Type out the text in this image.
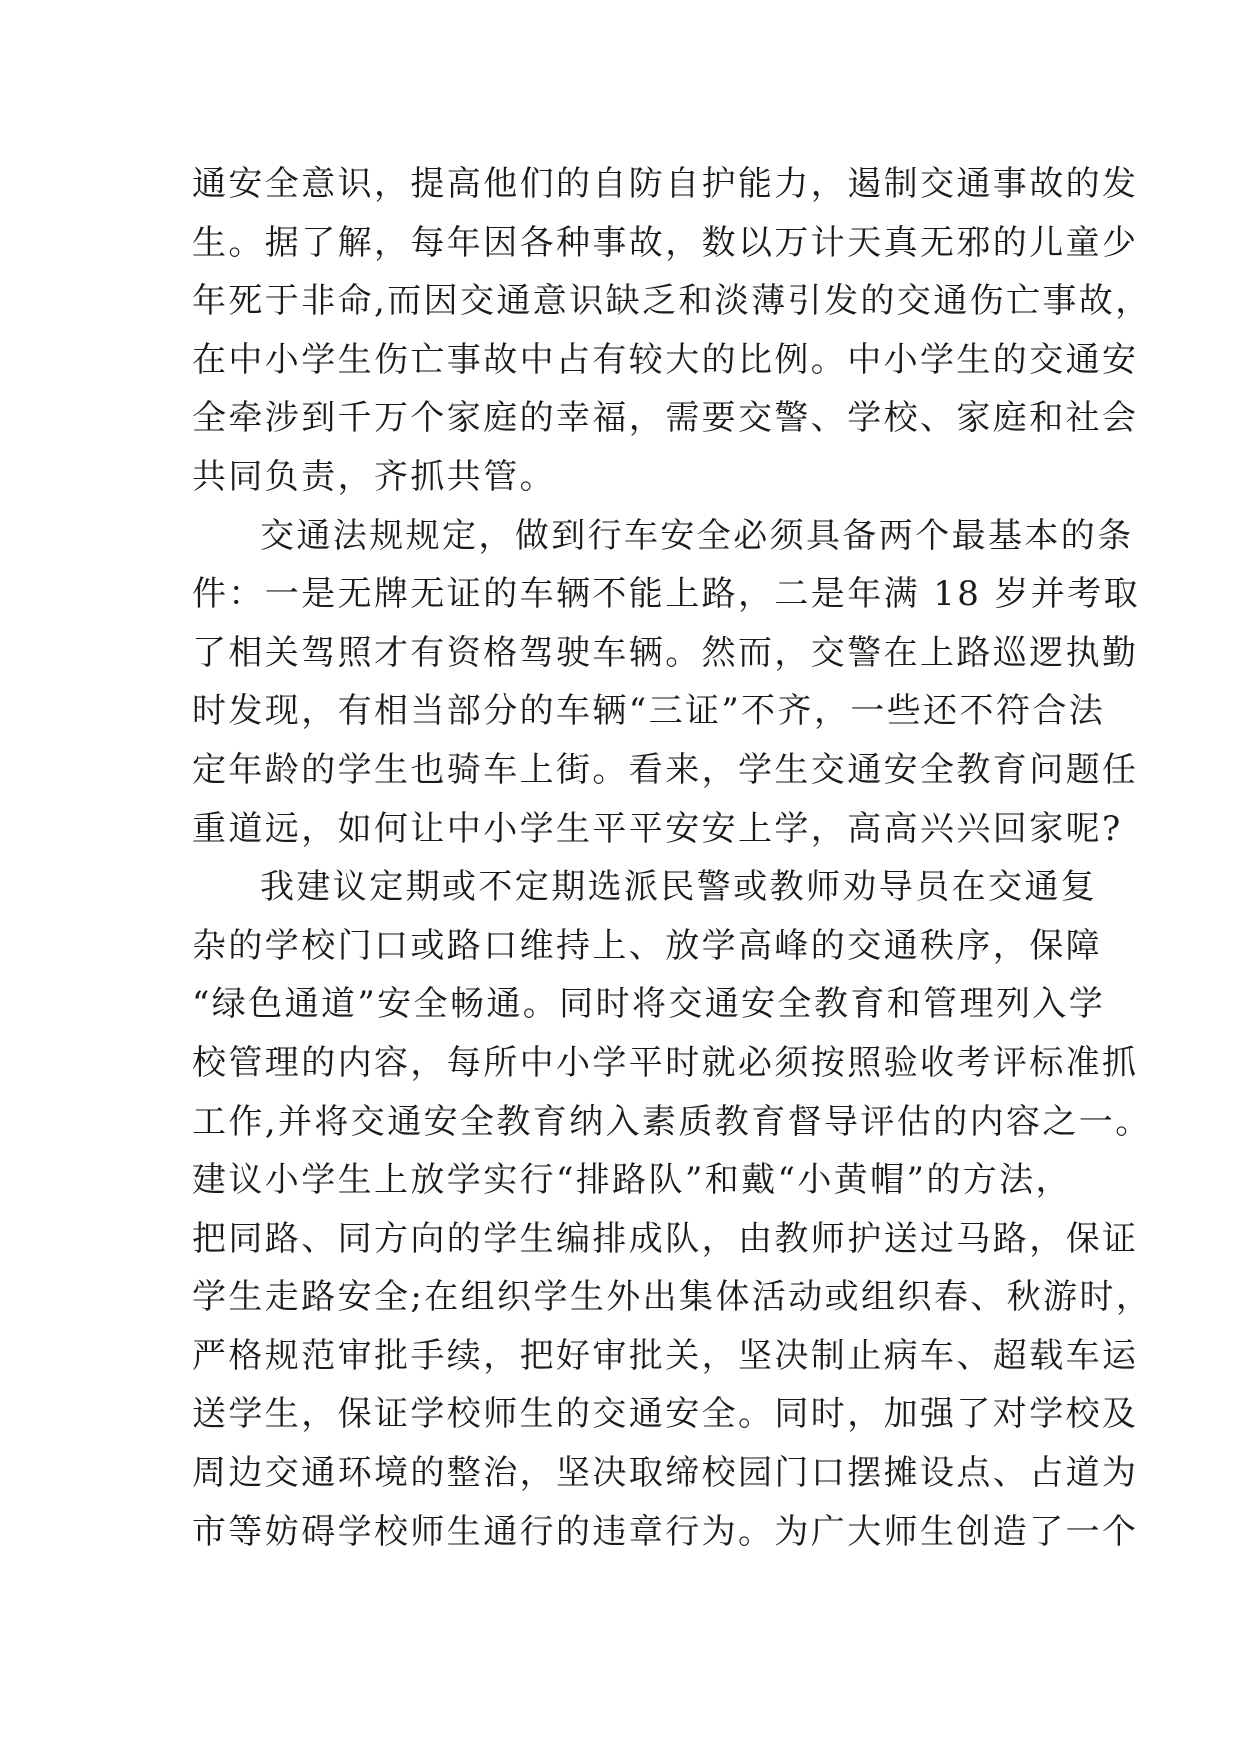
通安全意识，提高他们的自防自护能力，遏制交通事故的发
生。据了解，每年因各种事故，数以万计天真无邪的儿童少
年死于非命,而因交通意识缺乏和淡薄引发的交通伤亡事故，
在中小学生伤亡事故中占有较大的比例。中小学生的交通安
全牵涉到千万个家庭的幸福，需要交警、学校、家庭和社会
共同负责，齐抓共管。
交通法规规定，做到行车安全必须具备两个最基本的条
件：一是无牌无证的车辆不能上路，二是年满 18 岁并考取
了相关驾照才有资格驾驶车辆。然而，交警在上路巡逻执勤
时发现，有相当部分的车辆“三证”不齐，一些还不符合法
定年龄的学生也骑车上街。看来，学生交通安全教育问题任
重道远，如何让中小学生平平安安上学，高高兴兴回家呢?
我建议定期或不定期选派民警或教师劝导员在交通复
杂的学校门口或路口维持上、放学高峰的交通秩序，保障
“绿色通道”安全畅通。同时将交通安全教育和管理列入学
校管理的内容，每所中小学平时就必须按照验收考评标准抓
工作,并将交通安全教育纳入素质教育督导评估的内容之一。
建议小学生上放学实行“排路队”和戴“小黄帽”的方法，
把同路、同方向的学生编排成队，由教师护送过马路，保证
学生走路安全;在组织学生外出集体活动或组织春、秋游时，
严格规范审批手续，把好审批关，坚决制止病车、超载车运
送学生，保证学校师生的交通安全。同时，加强了对学校及
周边交通环境的整治，坚决取缔校园门口摆摊设点、占道为
市等妨碍学校师生通行的违章行为。为广大师生创造了一个
